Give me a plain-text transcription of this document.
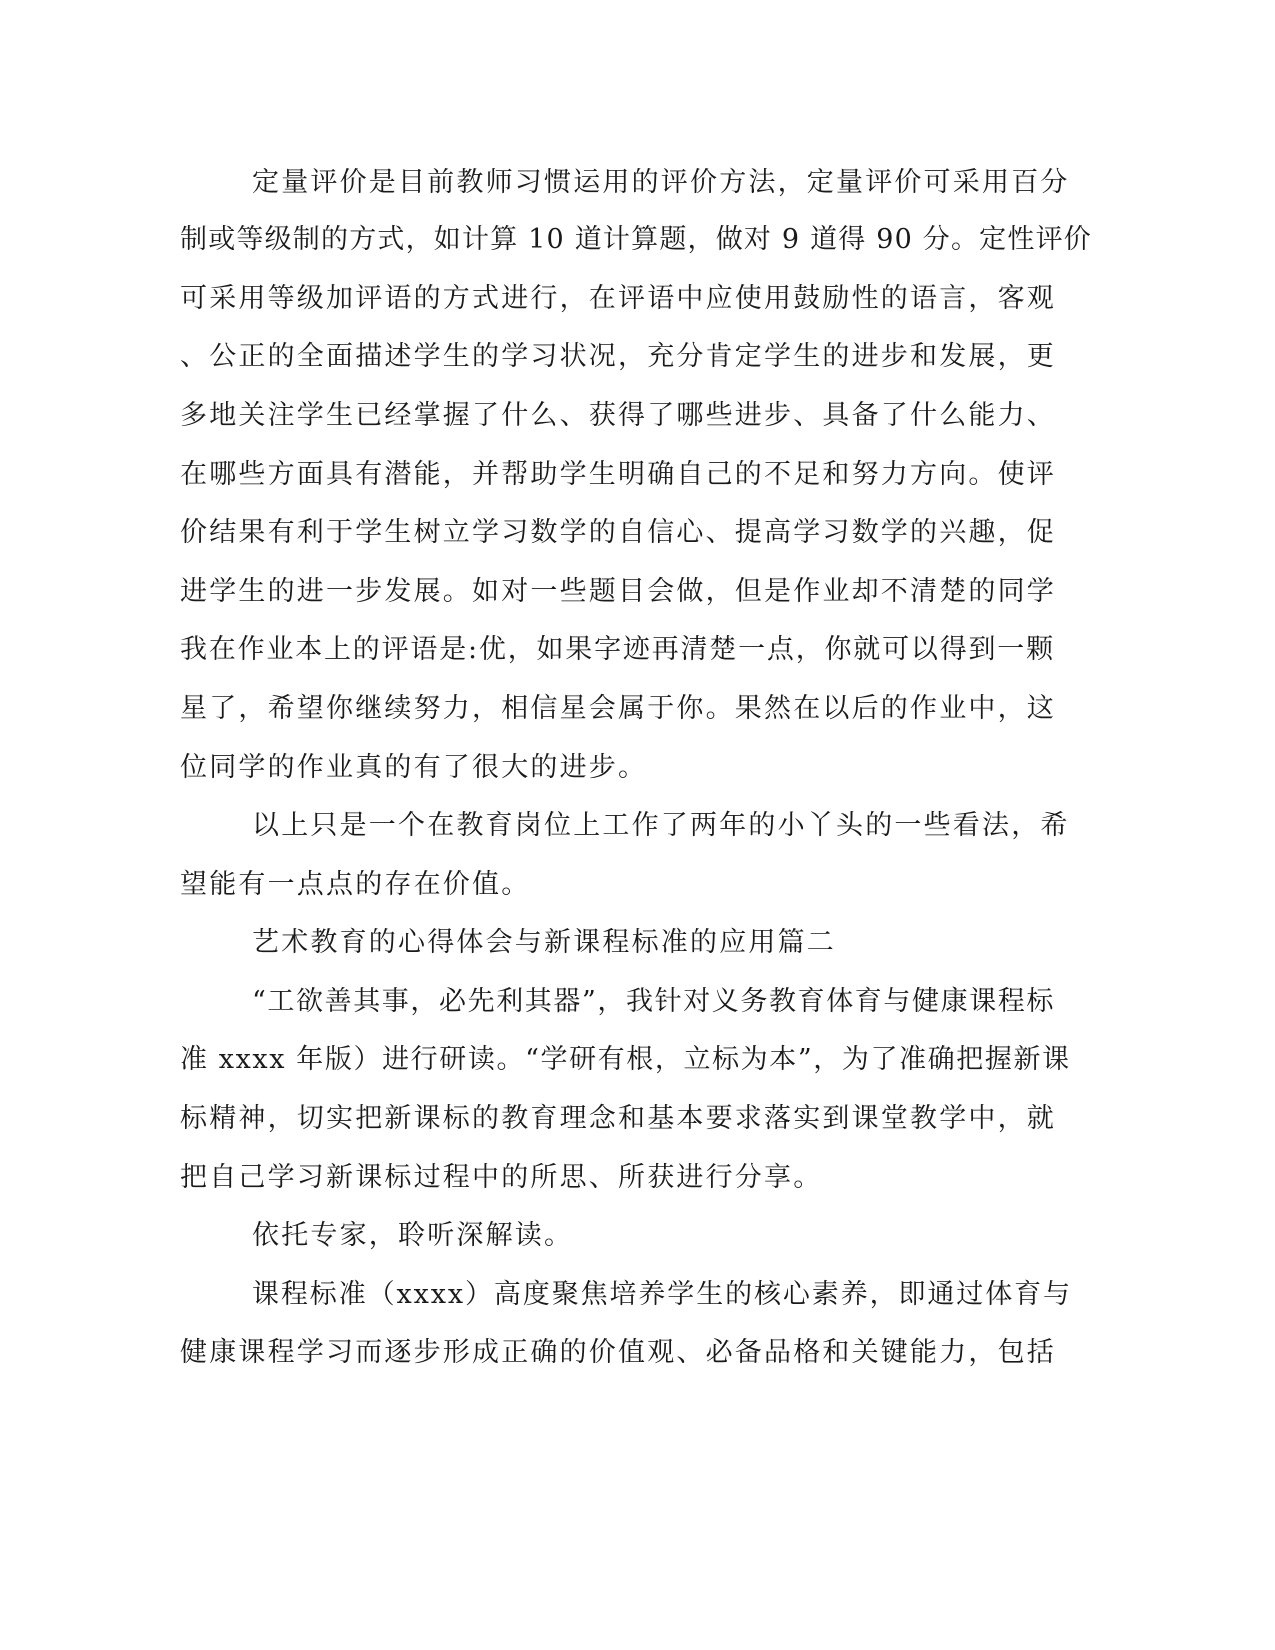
定量评价是目前教师习惯运用的评价方法，定量评价可采用百分
制或等级制的方式，如计算 10 道计算题，做对 9 道得 90 分。定性评价
可采用等级加评语的方式进行，在评语中应使用鼓励性的语言，客观
、公正的全面描述学生的学习状况，充分肯定学生的进步和发展，更
多地关注学生已经掌握了什么、获得了哪些进步、具备了什么能力、
在哪些方面具有潜能，并帮助学生明确自己的不足和努力方向。使评
价结果有利于学生树立学习数学的自信心、提高学习数学的兴趣，促
进学生的进一步发展。如对一些题目会做，但是作业却不清楚的同学
我在作业本上的评语是:优，如果字迹再清楚一点，你就可以得到一颗
星了，希望你继续努力，相信星会属于你。果然在以后的作业中，这
位同学的作业真的有了很大的进步。
以上只是一个在教育岗位上工作了两年的小丫头的一些看法，希
望能有一点点的存在价值。
艺术教育的心得体会与新课程标准的应用篇二
“工欲善其事，必先利其器”，我针对义务教育体育与健康课程标
准 xxxx 年版）进行研读。“学研有根，立标为本”，为了准确把握新课
标精神，切实把新课标的教育理念和基本要求落实到课堂教学中，就
把自己学习新课标过程中的所思、所获进行分享。
依托专家，聆听深解读。
课程标准（xxxx）高度聚焦培养学生的核心素养，即通过体育与
健康课程学习而逐步形成正确的价值观、必备品格和关键能力，包括
